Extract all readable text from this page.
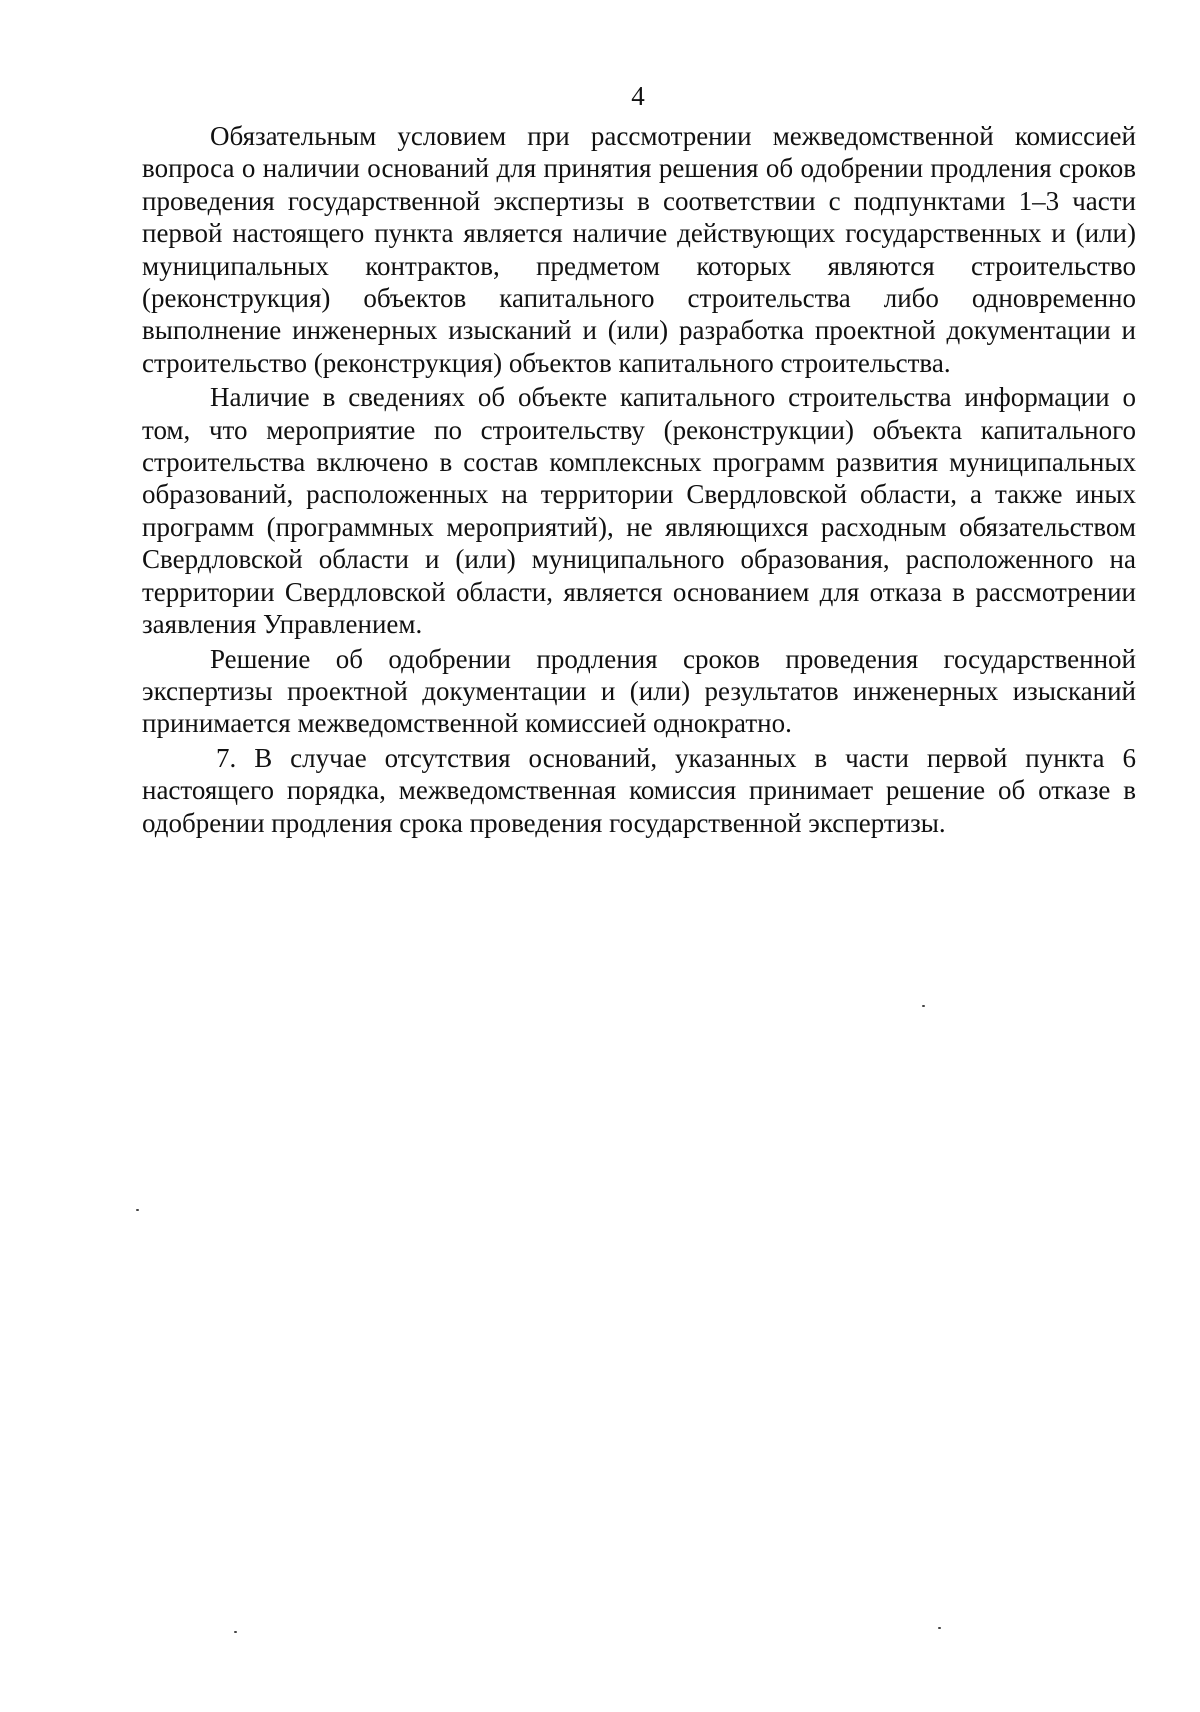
4

Обязательным условием при рассмотрении межведомственной комиссией вопроса о наличии оснований для принятия решения об одобрении продления сроков проведения государственной экспертизы в соответствии с подпунктами 1–3 части первой настоящего пункта является наличие действующих государственных и (или) муниципальных контрактов, предметом которых являются строительство (реконструкция) объектов капитального строительства либо одновременно выполнение инженерных изысканий и (или) разработка проектной документации и строительство (реконструкция) объектов капитального строительства.

Наличие в сведениях об объекте капитального строительства информации о том, что мероприятие по строительству (реконструкции) объекта капитального строительства включено в состав комплексных программ развития муниципальных образований, расположенных на территории Свердловской области, а также иных программ (программных мероприятий), не являющихся расходным обязательством Свердловской области и (или) муниципального образования, расположенного на территории Свердловской области, является основанием для отказа в рассмотрении заявления Управлением.

Решение об одобрении продления сроков проведения государственной экспертизы проектной документации и (или) результатов инженерных изысканий принимается межведомственной комиссией однократно.

7. В случае отсутствия оснований, указанных в части первой пункта 6 настоящего порядка, межведомственная комиссия принимает решение об отказе в одобрении продления срока проведения государственной экспертизы.
